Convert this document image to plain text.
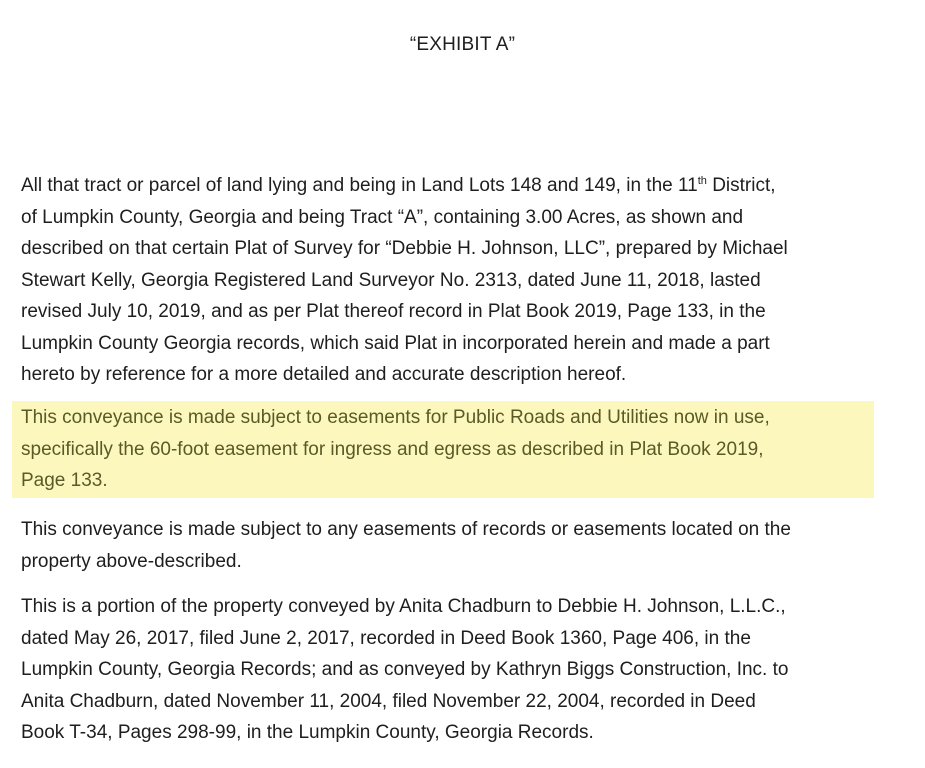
“EXHIBIT A”

All that tract or parcel of land lying and being in Land Lots 148 and 149, in the 11th District,
of Lumpkin County, Georgia and being Tract “A”, containing 3.00 Acres, as shown and
described on that certain Plat of Survey for “Debbie H. Johnson, LLC”, prepared by Michael
Stewart Kelly, Georgia Registered Land Surveyor No. 2313, dated June 11, 2018, lasted
revised July 10, 2019, and as per Plat thereof record in Plat Book 2019, Page 133, in the
Lumpkin County Georgia records, which said Plat in incorporated herein and made a part
hereto by reference for a more detailed and accurate description hereof.

This conveyance is made subject to easements for Public Roads and Utilities now in use,
specifically the 60-foot easement for ingress and egress as described in Plat Book 2019,
Page 133.

This conveyance is made subject to any easements of records or easements located on the
property above-described.

This is a portion of the property conveyed by Anita Chadburn to Debbie H. Johnson, L.L.C.,
dated May 26, 2017, filed June 2, 2017, recorded in Deed Book 1360, Page 406, in the
Lumpkin County, Georgia Records; and as conveyed by Kathryn Biggs Construction, Inc. to
Anita Chadburn, dated November 11, 2004, filed November 22, 2004, recorded in Deed
Book T-34, Pages 298-99, in the Lumpkin County, Georgia Records.
